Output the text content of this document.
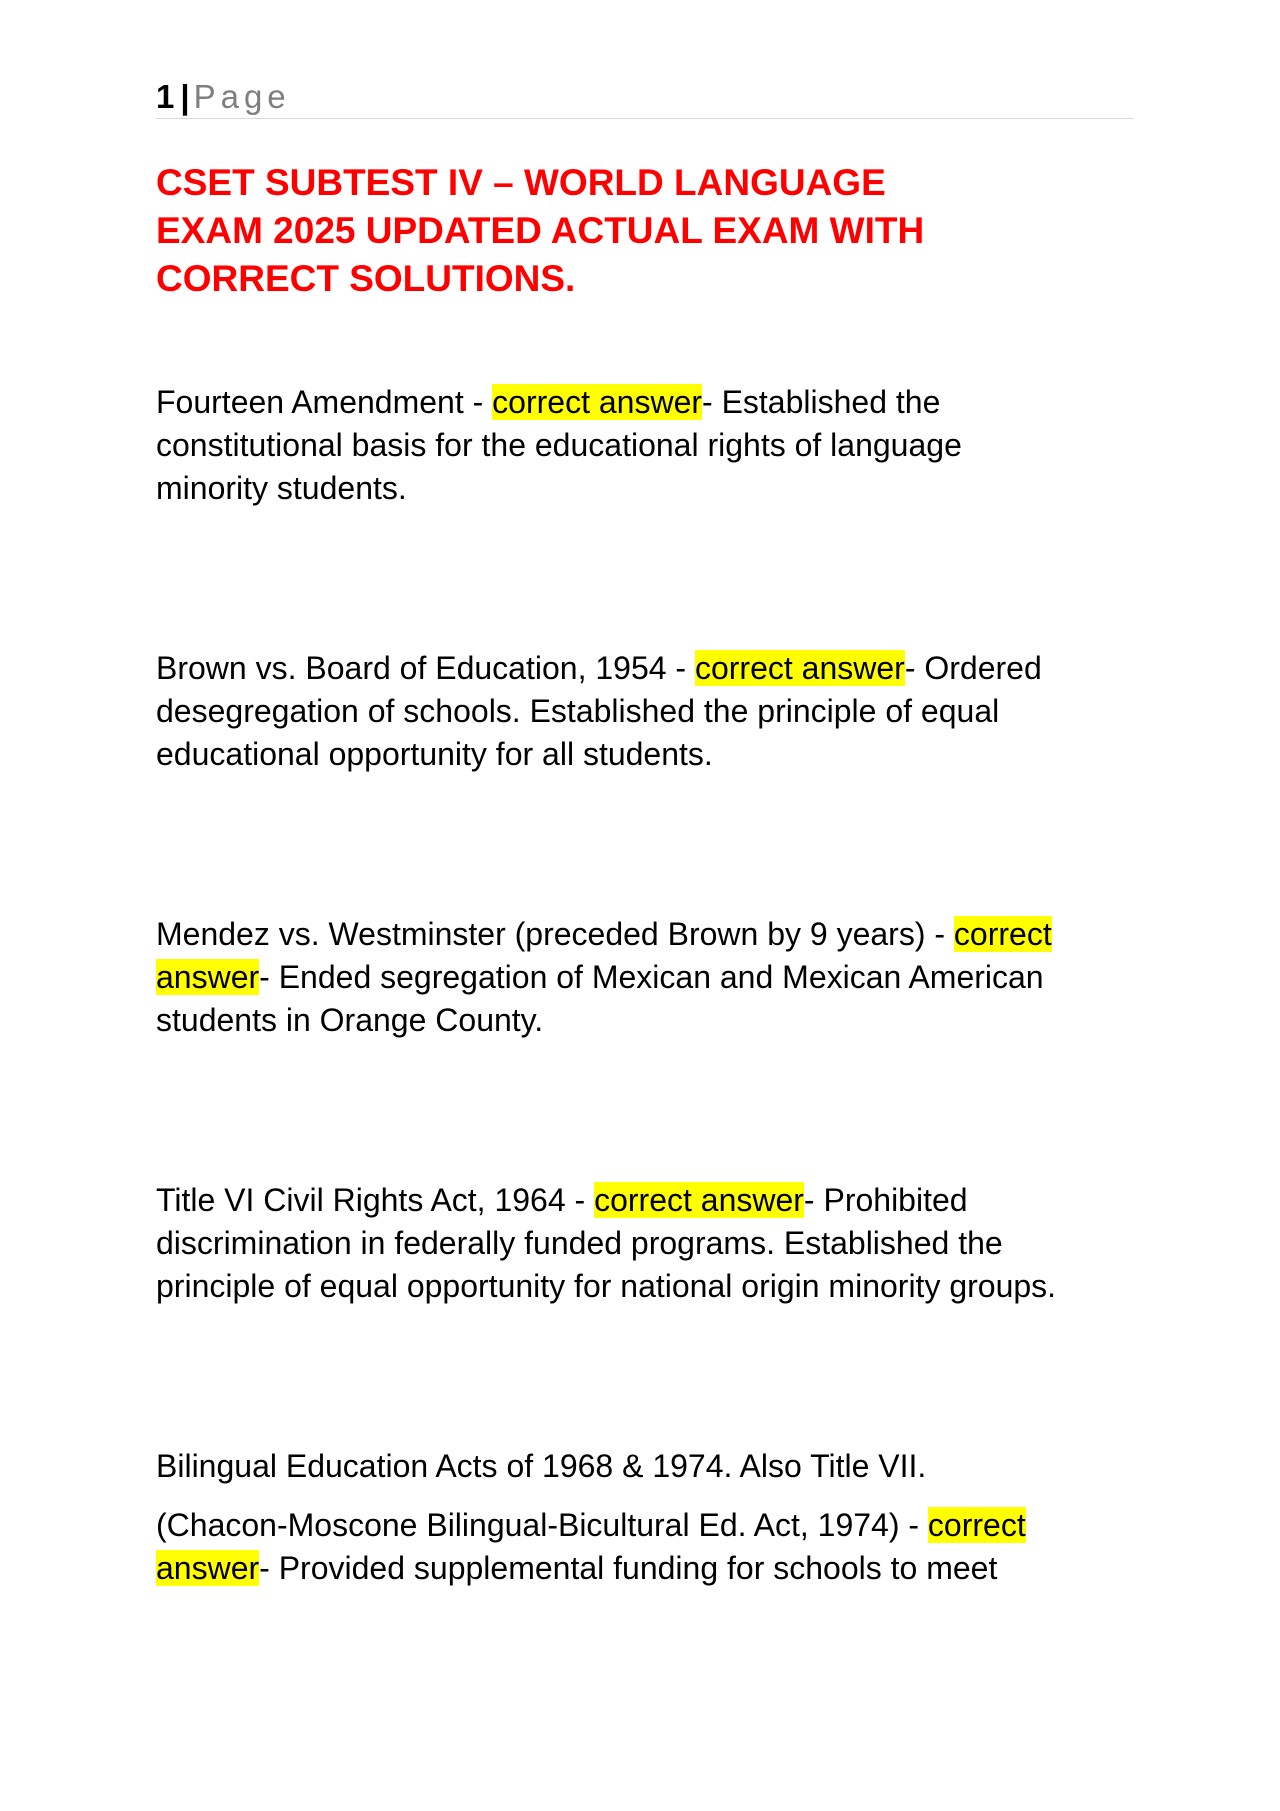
1 | Page
CSET SUBTEST IV – WORLD LANGUAGE
EXAM 2025 UPDATED ACTUAL EXAM WITH
CORRECT SOLUTIONS.

Fourteen Amendment - correct answer- Established the
constitutional basis for the educational rights of language
minority students.

Brown vs. Board of Education, 1954 - correct answer- Ordered
desegregation of schools. Established the principle of equal
educational opportunity for all students.

Mendez vs. Westminster (preceded Brown by 9 years) - correct
answer- Ended segregation of Mexican and Mexican American
students in Orange County.

Title VI Civil Rights Act, 1964 - correct answer- Prohibited
discrimination in federally funded programs. Established the
principle of equal opportunity for national origin minority groups.

Bilingual Education Acts of 1968 & 1974. Also Title VII.
(Chacon-Moscone Bilingual-Bicultural Ed. Act, 1974) - correct
answer- Provided supplemental funding for schools to meet
